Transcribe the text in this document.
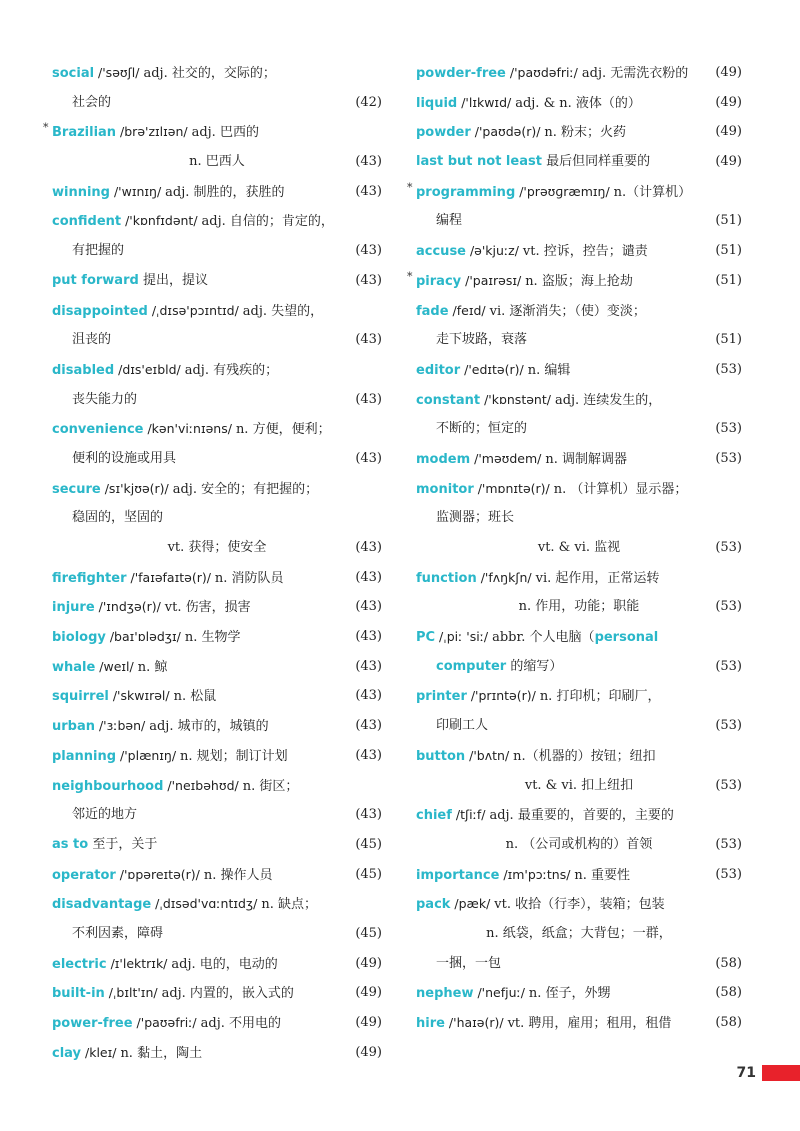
social /'səʊʃl/ adj. 社交的，交际的；
社会的	(42)
* Brazilian /brə'zɪlɪən/ adj. 巴西的
n. 巴西人	(43)
winning /'wɪnɪŋ/ adj. 制胜的，获胜的	(43)
confident /'kɒnfɪdənt/ adj. 自信的；肯定的，
有把握的	(43)
put forward 提出，提议	(43)
disappointed /ˌdɪsə'pɔɪntɪd/ adj. 失望的，
沮丧的	(43)
disabled /dɪs'eɪbld/ adj. 有残疾的；
丧失能力的	(43)
convenience /kən'viːnɪəns/ n. 方便，便利；
便利的设施或用具	(43)
secure /sɪ'kjʊə(r)/ adj. 安全的；有把握的；
稳固的，坚固的
vt. 获得；使安全	(43)
firefighter /'faɪəfaɪtə(r)/ n. 消防队员	(43)
injure /'ɪndʒə(r)/ vt. 伤害，损害	(43)
biology /baɪ'ɒlədʒɪ/ n. 生物学	(43)
whale /weɪl/ n. 鲸	(43)
squirrel /'skwɪrəl/ n. 松鼠	(43)
urban /'ɜːbən/ adj. 城市的，城镇的	(43)
planning /'plænɪŋ/ n. 规划；制订计划	(43)
neighbourhood /'neɪbəhʊd/ n. 街区；
邻近的地方	(43)
as to 至于，关于	(45)
operator /'ɒpəreɪtə(r)/ n. 操作人员	(45)
disadvantage /ˌdɪsəd'vɑːntɪdʒ/ n. 缺点；
不利因素，障碍	(45)
electric /ɪ'lektrɪk/ adj. 电的，电动的	(49)
built-in /ˌbɪlt'ɪn/ adj. 内置的，嵌入式的	(49)
power-free /'paʊəfriː/ adj. 不用电的	(49)
clay /kleɪ/ n. 黏土，陶土	(49)
powder-free /'paʊdəfriː/ adj. 无需洗衣粉的 (49)
liquid /'lɪkwɪd/ adj. & n. 液体（的）	(49)
powder /'paʊdə(r)/ n. 粉末；火药	(49)
last but not least 最后但同样重要的	(49)
* programming /'prəʊɡræmɪŋ/ n.（计算机）
编程	(51)
accuse /ə'kjuːz/ vt. 控诉，控告；谴责	(51)
* piracy /'paɪrəsɪ/ n. 盗版；海上抢劫	(51)
fade /feɪd/ vi. 逐渐消失；（使）变淡；
走下坡路，衰落	(51)
editor /'edɪtə(r)/ n. 编辑	(53)
constant /'kɒnstənt/ adj. 连续发生的，
不断的；恒定的	(53)
modem /'məʊdem/ n. 调制解调器	(53)
monitor /'mɒnɪtə(r)/ n. （计算机）显示器；
监测器；班长
vt. & vi. 监视	(53)
function /'fʌŋkʃn/ vi. 起作用，正常运转
n. 作用，功能；职能	(53)
PC /ˌpiː 'siː/ abbr. 个人电脑（personal
computer 的缩写）	(53)
printer /'prɪntə(r)/ n. 打印机；印刷厂，
印刷工人	(53)
button /'bʌtn/ n.（机器的）按钮；纽扣
vt. & vi. 扣上纽扣	(53)
chief /tʃiːf/ adj. 最重要的，首要的，主要的
n. （公司或机构的）首领	(53)
importance /ɪm'pɔːtns/ n. 重要性	(53)
pack /pæk/ vt. 收拾（行李），装箱；包装
n. 纸袋，纸盒；大背包；一群，
一捆，一包	(58)
nephew /'nefjuː/ n. 侄子，外甥	(58)
hire /'haɪə(r)/ vt. 聘用，雇用；租用，租借	(58)
71
